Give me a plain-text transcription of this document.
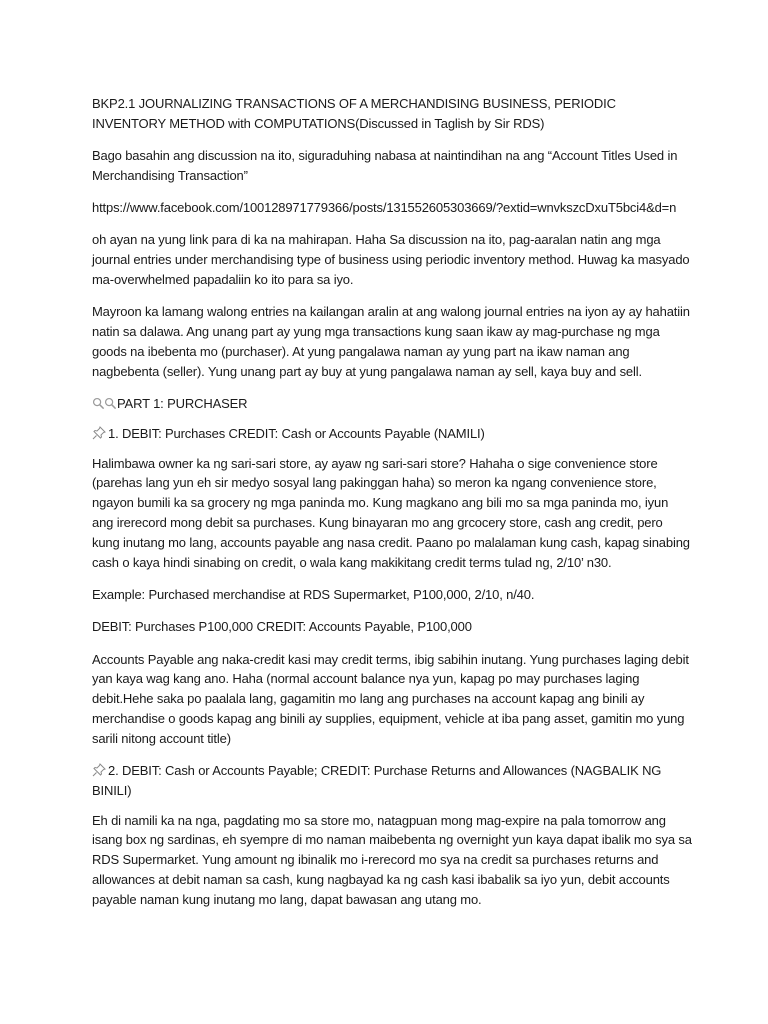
BKP2.1 JOURNALIZING TRANSACTIONS OF A MERCHANDISING BUSINESS, PERIODIC INVENTORY METHOD with COMPUTATIONS(Discussed in Taglish by Sir RDS)

Bago basahin ang discussion na ito, siguraduhing nabasa at naintindihan na ang “Account Titles Used in Merchandising Transaction”

https://www.facebook.com/100128971779366/posts/131552605303669/?extid=wnvkszcDxuT5bci4&d=n

oh ayan na yung link para di ka na mahirapan. Haha Sa discussion na ito, pag-aaralan natin ang mga journal entries under merchandising type of business using periodic inventory method. Huwag ka masyado ma-overwhelmed papadaliin ko ito para sa iyo.

Mayroon ka lamang walong entries na kailangan aralin at ang walong journal entries na iyon ay ay hahatiin natin sa dalawa. Ang unang part ay yung mga transactions kung saan ikaw ay mag-purchase ng mga goods na ibebenta mo (purchaser). At yung pangalawa naman ay yung part na ikaw naman ang nagbebenta (seller). Yung unang part ay buy at yung pangalawa naman ay sell, kaya buy and sell.

PART 1: PURCHASER

1. DEBIT: Purchases CREDIT: Cash or Accounts Payable (NAMILI)

Halimbawa owner ka ng sari-sari store, ay ayaw ng sari-sari store? Hahaha o sige convenience store (parehas lang yun eh sir medyo sosyal lang pakinggan haha) so meron ka ngang convenience store, ngayon bumili ka sa grocery ng mga paninda mo. Kung magkano ang bili mo sa mga paninda mo, iyun ang irerecord mong debit sa purchases. Kung binayaran mo ang grcocery store, cash ang credit, pero kung inutang mo lang, accounts payable ang nasa credit. Paano po malalaman kung cash, kapag sinabing cash o kaya hindi sinabing on credit, o wala kang makikitang credit terms tulad ng, 2/10’ n30.

Example: Purchased merchandise at RDS Supermarket, P100,000, 2/10, n/40.

DEBIT: Purchases P100,000 CREDIT: Accounts Payable, P100,000

Accounts Payable ang naka-credit kasi may credit terms, ibig sabihin inutang. Yung purchases laging debit yan kaya wag kang ano. Haha (normal account balance nya yun, kapag po may purchases laging debit.Hehe saka po paalala lang, gagamitin mo lang ang purchases na account kapag ang binili ay merchandise o goods kapag ang binili ay supplies, equipment, vehicle at iba pang asset, gamitin mo yung sarili nitong account title)

2. DEBIT: Cash or Accounts Payable; CREDIT: Purchase Returns and Allowances (NAGBALIK NG BINILI)

Eh di namili ka na nga, pagdating mo sa store mo, natagpuan mong mag-expire na pala tomorrow ang isang box ng sardinas, eh syempre di mo naman maibebenta ng overnight yun kaya dapat ibalik mo sya sa RDS Supermarket. Yung amount ng ibinalik mo i-rerecord mo sya na credit sa purchases returns and allowances at debit naman sa cash, kung nagbayad ka ng cash kasi ibabalik sa iyo yun, debit accounts payable naman kung inutang mo lang, dapat bawasan ang utang mo.
